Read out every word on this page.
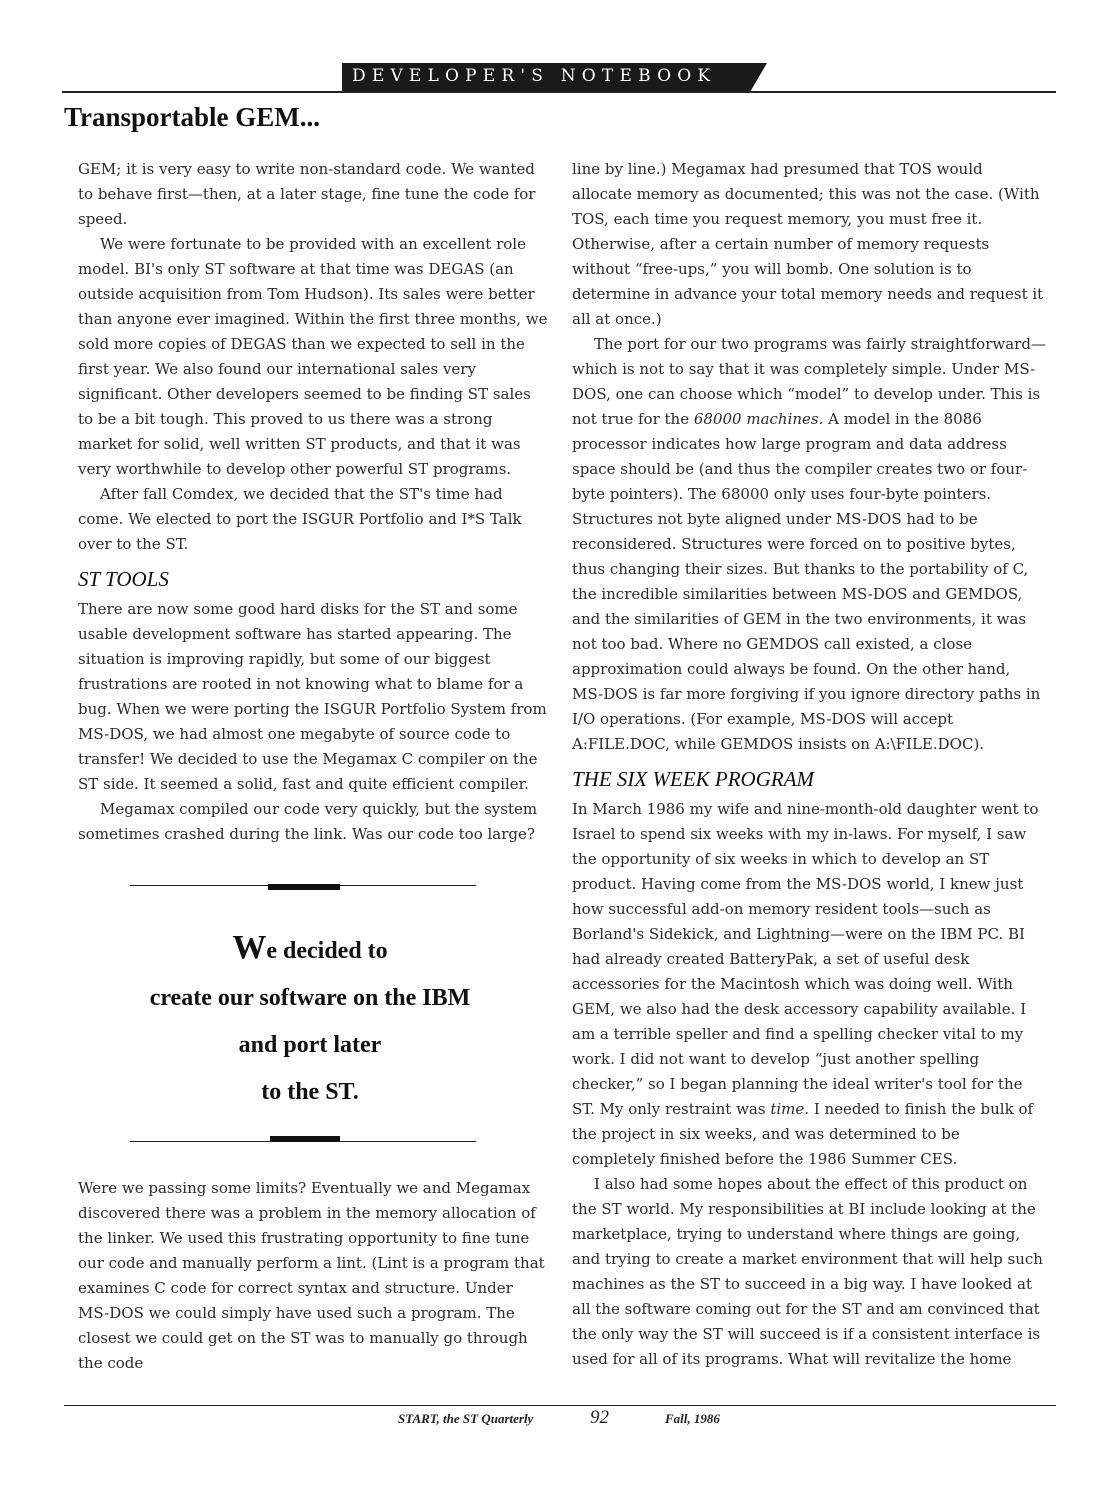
DEVELOPER'S NOTEBOOK
Transportable GEM...

GEM; it is very easy to write non-standard code. We wanted to behave first—then, at a later stage, fine tune the code for speed.

We were fortunate to be provided with an excellent role model. BI's only ST software at that time was DEGAS (an outside acquisition from Tom Hudson). Its sales were better than anyone ever imagined. Within the first three months, we sold more copies of DEGAS than we expected to sell in the first year. We also found our international sales very significant. Other developers seemed to be finding ST sales to be a bit tough. This proved to us there was a strong market for solid, well written ST products, and that it was very worthwhile to develop other powerful ST programs.

After fall Comdex, we decided that the ST's time had come. We elected to port the ISGUR Portfolio and I*S Talk over to the ST.

ST TOOLS

There are now some good hard disks for the ST and some usable development software has started appearing. The situation is improving rapidly, but some of our biggest frustrations are rooted in not knowing what to blame for a bug. When we were porting the ISGUR Portfolio System from MS-DOS, we had almost one megabyte of source code to transfer! We decided to use the Megamax C compiler on the ST side. It seemed a solid, fast and quite efficient compiler.

Megamax compiled our code very quickly, but the system sometimes crashed during the link. Was our code too large?

We decided to
create our software on the IBM
and port later
to the ST.

Were we passing some limits? Eventually we and Megamax discovered there was a problem in the memory allocation of the linker. We used this frustrating opportunity to fine tune our code and manually perform a lint. (Lint is a program that examines C code for correct syntax and structure. Under MS-DOS we could simply have used such a program. The closest we could get on the ST was to manually go through the code

line by line.) Megamax had presumed that TOS would allocate memory as documented; this was not the case. (With TOS, each time you request memory, you must free it. Otherwise, after a certain number of memory requests without “free-ups,” you will bomb. One solution is to determine in advance your total memory needs and request it all at once.)

The port for our two programs was fairly straightforward—which is not to say that it was completely simple. Under MS-DOS, one can choose which “model” to develop under. This is not true for the 68000 machines. A model in the 8086 processor indicates how large program and data address space should be (and thus the compiler creates two or four-byte pointers). The 68000 only uses four-byte pointers. Structures not byte aligned under MS-DOS had to be reconsidered. Structures were forced on to positive bytes, thus changing their sizes. But thanks to the portability of C, the incredible similarities between MS-DOS and GEMDOS, and the similarities of GEM in the two environments, it was not too bad. Where no GEMDOS call existed, a close approximation could always be found. On the other hand, MS-DOS is far more forgiving if you ignore directory paths in I/O operations. (For example, MS-DOS will accept A:FILE.DOC, while GEMDOS insists on A:\FILE.DOC).

THE SIX WEEK PROGRAM

In March 1986 my wife and nine-month-old daughter went to Israel to spend six weeks with my in-laws. For myself, I saw the opportunity of six weeks in which to develop an ST product. Having come from the MS-DOS world, I knew just how successful add-on memory resident tools—such as Borland's Sidekick, and Lightning—were on the IBM PC. BI had already created BatteryPak, a set of useful desk accessories for the Macintosh which was doing well. With GEM, we also had the desk accessory capability available. I am a terrible speller and find a spelling checker vital to my work. I did not want to develop “just another spelling checker,” so I began planning the ideal writer's tool for the ST. My only restraint was time. I needed to finish the bulk of the project in six weeks, and was determined to be completely finished before the 1986 Summer CES.

I also had some hopes about the effect of this product on the ST world. My responsibilities at BI include looking at the marketplace, trying to understand where things are going, and trying to create a market environment that will help such machines as the ST to succeed in a big way. I have looked at all the software coming out for the ST and am convinced that the only way the ST will succeed is if a consistent interface is used for all of its programs. What will revitalize the home

START, the ST Quarterly	92	Fall, 1986
